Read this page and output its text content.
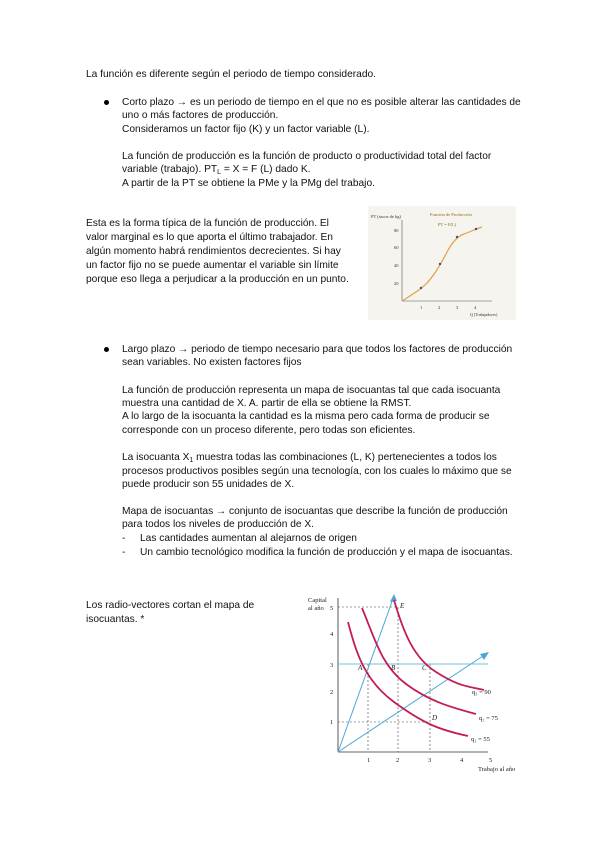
La función es diferente según el periodo de tiempo considerado.

Corto plazo → es un periodo de tiempo en el que no es posible alterar las cantidades de

uno o más factores de producción.

Consideramos un factor fijo (K) y un factor variable (L).

La función de producción es la función de producto o productividad total del factor

variable (trabajo). $PT_L = X = F$ (L) dado K.

A partir de la PT se obtiene la PMe y la PMg del trabajo.

Esta es la forma típica de la función de producción. El

valor marginal es lo que aporta el último trabajador. En

algún momento habrá rendimientos decrecientes. Si hay

un factor fijo no se puede aumentar el variable sin límite

porque eso llega a perjudicar a la producción en un punto.

PT (sacos de kg)	Función de Producción
PT = F(L)
80
60
40
20
1	2	3	4
Q (Trabajadores)

Largo plazo → periodo de tiempo necesario para que todos los factores de producción

sean variables. No existen factores fijos

La función de producción representa un mapa de isocuantas tal que cada isocuanta

muestra una cantidad de X. A. partir de ella se obtiene la RMST.

A lo largo de la isocuanta la cantidad es la misma pero cada forma de producir se

corresponde con un proceso diferente, pero todas son eficientes.

La isocuanta $X_1$ muestra todas las combinaciones (L, K) pertenecientes a todos los

procesos productivos posibles según una tecnología, con los cuales lo máximo que se

puede producir son 55 unidades de X.

Mapa de isocuantas → conjunto de isocuantas que describe la función de producción

para todos los niveles de producción de X.

- Las cantidades aumentan al alejarnos de origen

- Un cambio tecnológico modifica la función de producción y el mapa de isocuantas.

Los radio-vectores cortan el mapa de

isocuantas. *

Capital
al año 5
4
3
2
1
1	2	3	4	5
Trabajo al año
A	B	C
D
E
q₃ = 90
q₂ = 75
q₁ = 55
